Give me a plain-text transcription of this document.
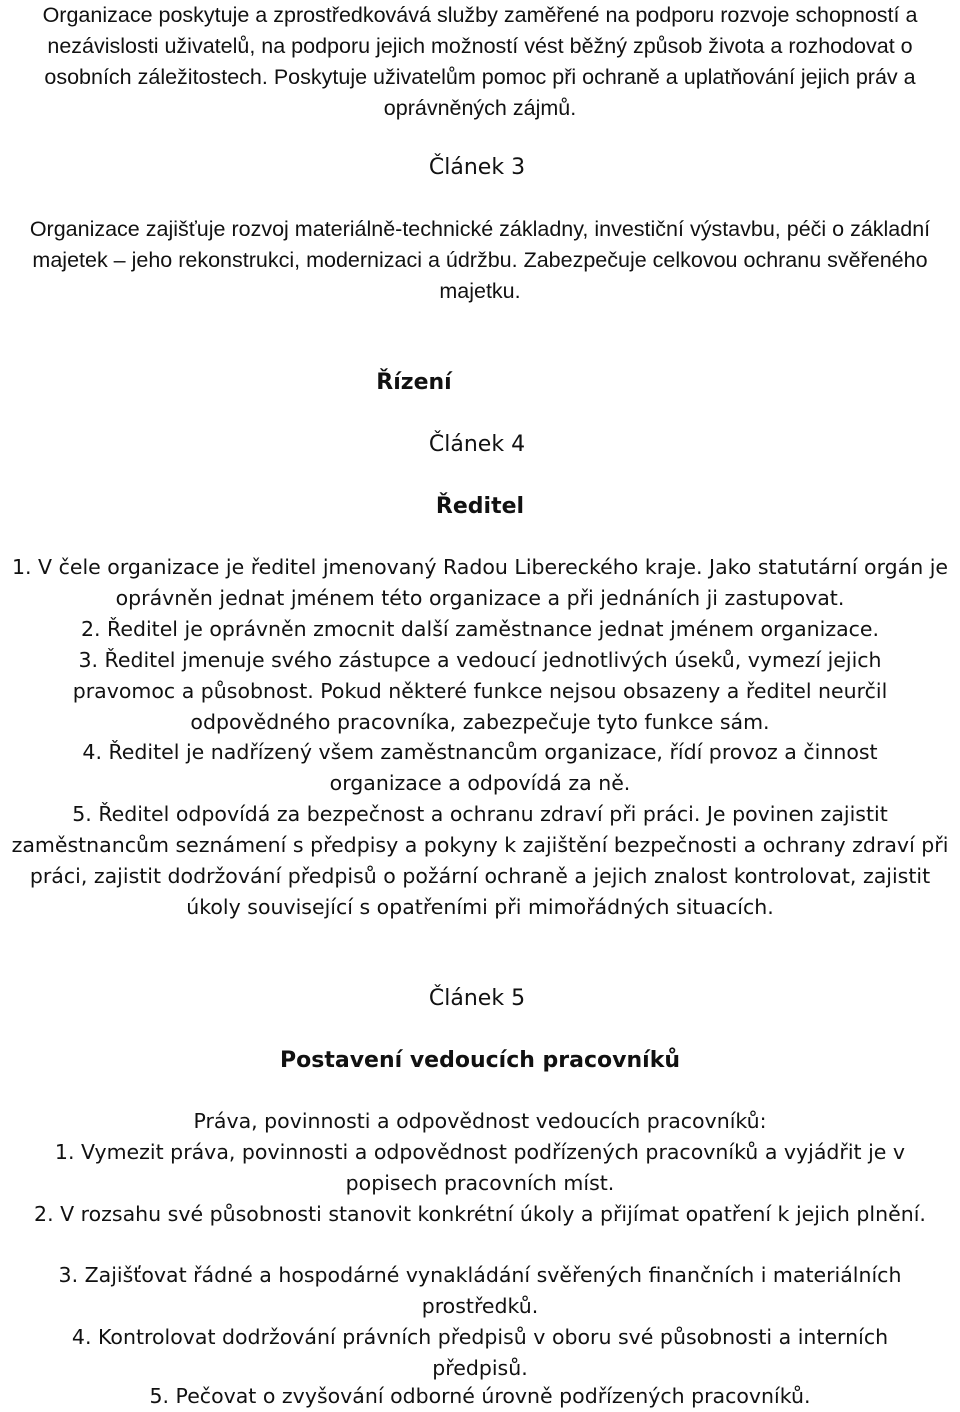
Organizace poskytuje a zprostředkovává služby zaměřené na podporu rozvoje schopností a nezávislosti uživatelů, na podporu jejich možností vést běžný způsob života a rozhodovat o osobních záležitostech. Poskytuje uživatelům pomoc při ochraně a uplatňování jejich práv a oprávněných zájmů.

Článek 3

Organizace zajišťuje rozvoj materiálně-technické základny, investiční výstavbu, péči o základní majetek – jeho rekonstrukci, modernizaci a údržbu. Zabezpečuje celkovou ochranu svěřeného majetku.

Řízení

Článek 4

Ředitel

1. V čele organizace je ředitel jmenovaný Radou Libereckého kraje. Jako statutární orgán je oprávněn jednat jménem této organizace a při jednáních ji zastupovat.

2. Ředitel je oprávněn zmocnit další zaměstnance jednat jménem organizace.

3. Ředitel jmenuje svého zástupce a vedoucí jednotlivých úseků, vymezí jejich pravomoc a působnost. Pokud některé funkce nejsou obsazeny a ředitel neurčil odpovědného pracovníka, zabezpečuje tyto funkce sám.

4. Ředitel je nadřízený všem zaměstnancům organizace, řídí provoz a činnost organizace a odpovídá za ně.

5. Ředitel odpovídá za bezpečnost a ochranu zdraví při práci. Je povinen zajistit zaměstnancům seznámení s předpisy a pokyny k zajištění bezpečnosti a ochrany zdraví při práci, zajistit dodržování předpisů o požární ochraně a jejich znalost kontrolovat, zajistit úkoly související s opatřeními při mimořádných situacích.

Článek 5

Postavení vedoucích pracovníků

Práva, povinnosti a odpovědnost vedoucích pracovníků:

1. Vymezit práva, povinnosti a odpovědnost podřízených pracovníků a vyjádřit je v popisech pracovních míst.

2. V rozsahu své působnosti stanovit konkrétní úkoly a přijímat opatření k jejich plnění.

3. Zajišťovat řádné a hospodárné vynakládání svěřených finančních i materiálních prostředků.

4. Kontrolovat dodržování právních předpisů v oboru své působnosti a interních předpisů.

5. Pečovat o zvyšování odborné úrovně podřízených pracovníků.
